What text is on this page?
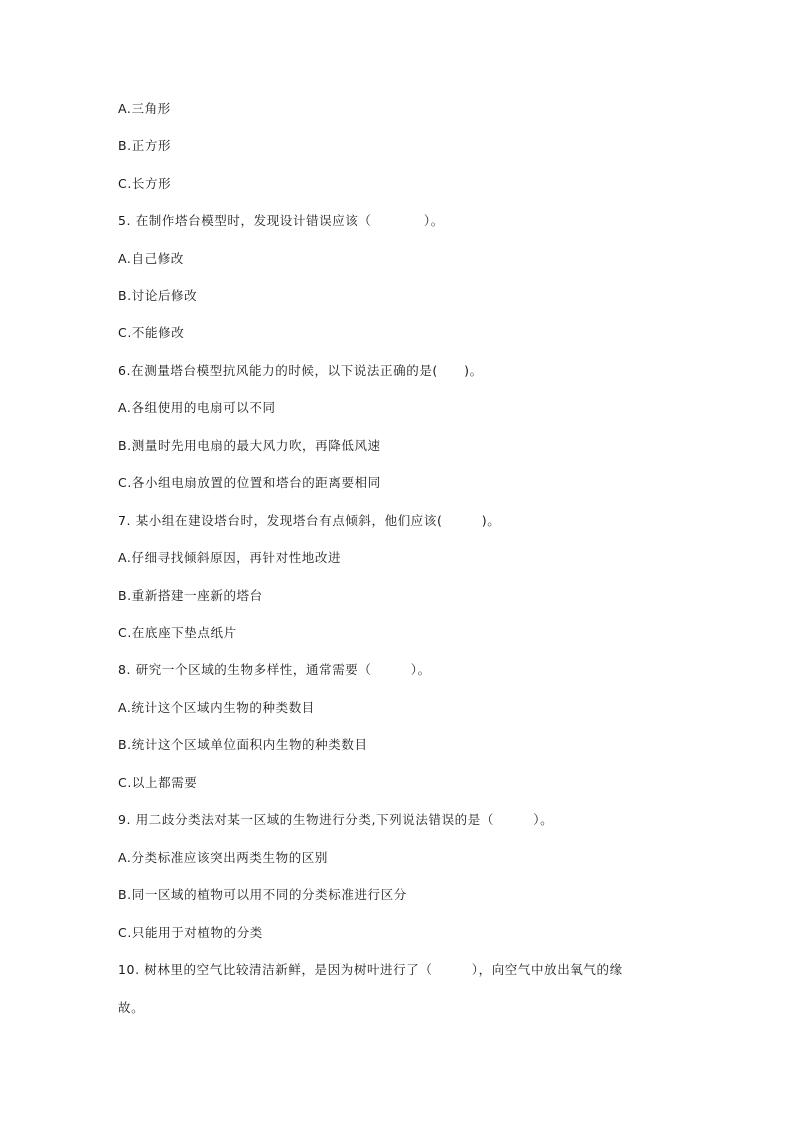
A.三角形
B.正方形
C.长方形
5. 在制作塔台模型时，发现设计错误应该（　　　　）。
A.自己修改
B.讨论后修改
C.不能修改
6.在测量塔台模型抗风能力的时候，以下说法正确的是(　　)。
A.各组使用的电扇可以不同
B.测量时先用电扇的最大风力吹，再降低风速
C.各小组电扇放置的位置和塔台的距离要相同
7. 某小组在建设塔台时，发现塔台有点倾斜，他们应该(　　　)。
A.仔细寻找倾斜原因，再针对性地改进
B.重新搭建一座新的塔台
C.在底座下垫点纸片
8. 研究一个区域的生物多样性，通常需要（　　　）。
A.统计这个区域内生物的种类数目
B.统计这个区域单位面积内生物的种类数目
C.以上都需要
9. 用二歧分类法对某一区域的生物进行分类,下列说法错误的是（　　　）。
A.分类标准应该突出两类生物的区别
B.同一区域的植物可以用不同的分类标准进行区分
C.只能用于对植物的分类
10. 树林里的空气比较清洁新鲜，是因为树叶进行了（　　　），向空气中放出氧气的缘
故。
